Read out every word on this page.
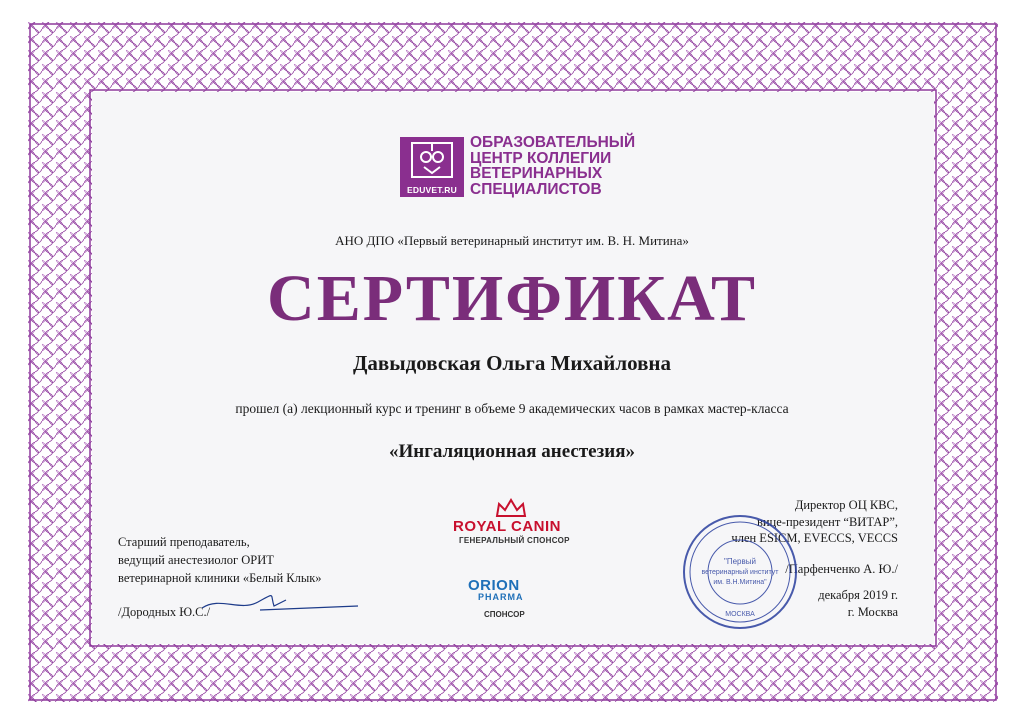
EDUVET.RU
ОБРАЗОВАТЕЛЬНЫЙ
ЦЕНТР КОЛЛЕГИИ
ВЕТЕРИНАРНЫХ
СПЕЦИАЛИСТОВ
АНО ДПО «Первый ветеринарный институт им. В. Н. Митина»
СЕРТИФИКАТ
Давыдовская Ольга Михайловна
прошел (а) лекционный курс и тренинг в объеме 9 академических часов в рамках мастер-класса
«Ингаляционная анестезия»
Старший преподаватель,
ведущий анестезиолог ОРИТ
ветеринарной клиники «Белый Клык»
/Дородных Ю.С./
Директор ОЦ КВС,
вице-президент “ВИТАР”,
член ESICM, EVECCS, VECCS
/Парфенченко А. Ю./
декабря 2019 г.
г. Москва
"Первый
ветеринарный институт
им. В.Н.Митина"
МОСКВА
ROYAL CANIN
ГЕНЕРАЛЬНЫЙ СПОНСОР
ORION
PHARMA
СПОНСОР
